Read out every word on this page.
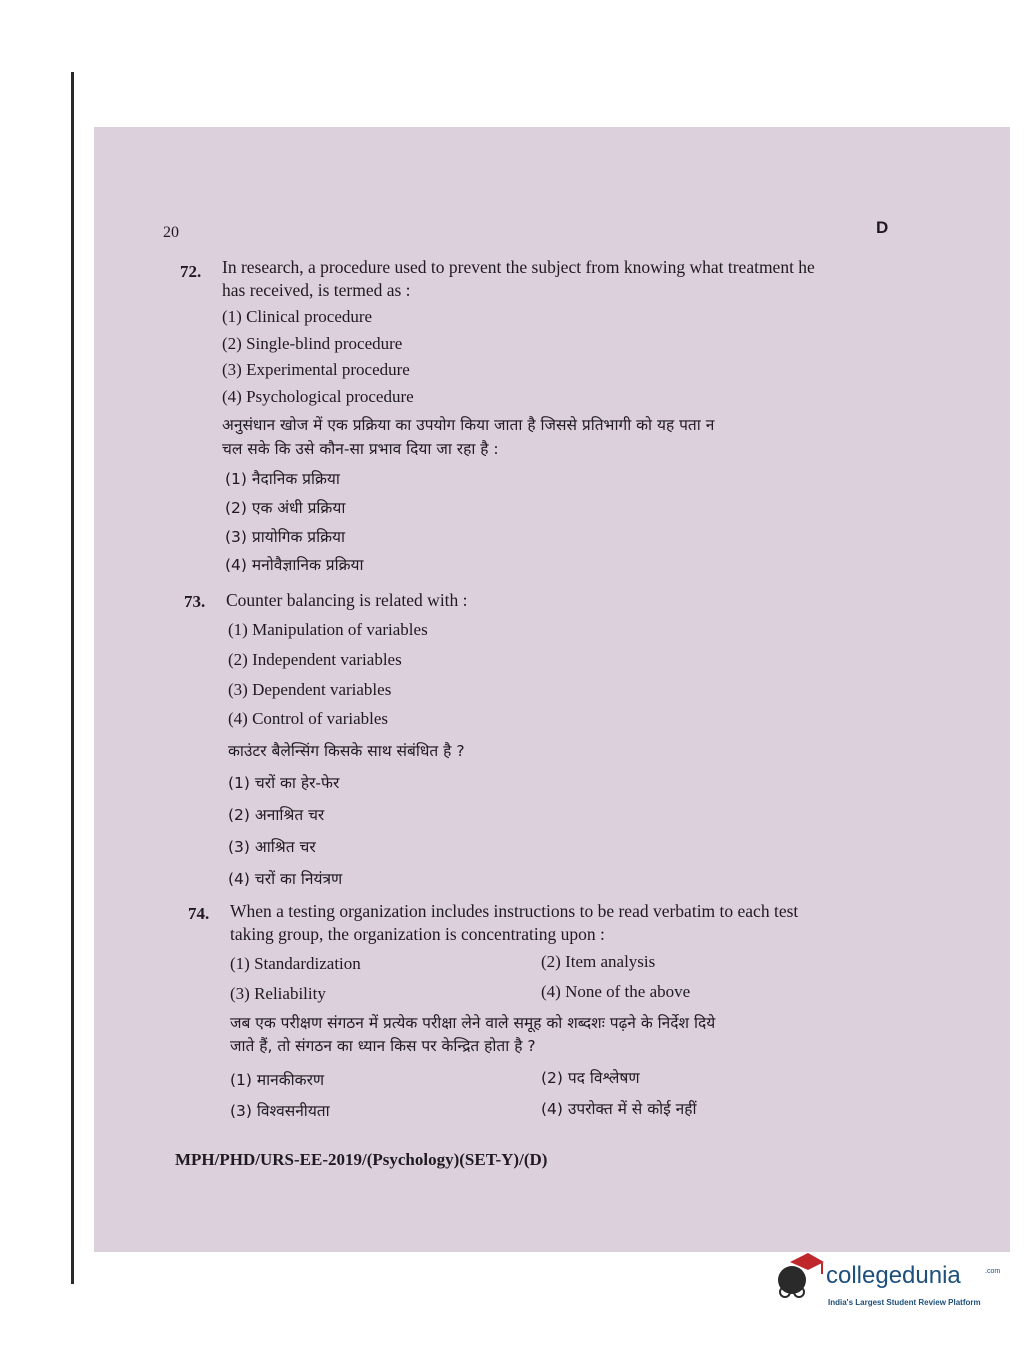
20	D
72. In research, a procedure used to prevent the subject from knowing what treatment he
has received, is termed as :
(1) Clinical procedure
(2) Single-blind procedure
(3) Experimental procedure
(4) Psychological procedure
अनुसंधान खोज में एक प्रक्रिया का उपयोग किया जाता है जिससे प्रतिभागी को यह पता न
चल सके कि उसे कौन-सा प्रभाव दिया जा रहा है :
(1) नैदानिक प्रक्रिया
(2) एक अंधी प्रक्रिया
(3) प्रायोगिक प्रक्रिया
(4) मनोवैज्ञानिक प्रक्रिया
73. Counter balancing is related with :
(1) Manipulation of variables
(2) Independent variables
(3) Dependent variables
(4) Control of variables
काउंटर बैलेन्सिंग किसके साथ संबंधित है ?
(1) चरों का हेर-फेर
(2) अनाश्रित चर
(3) आश्रित चर
(4) चरों का नियंत्रण
74. When a testing organization includes instructions to be read verbatim to each test
taking group, the organization is concentrating upon :
(1) Standardization	(2) Item analysis
(3) Reliability	(4) None of the above
जब एक परीक्षण संगठन में प्रत्येक परीक्षा लेने वाले समूह को शब्दशः पढ़ने के निर्देश दिये
जाते हैं, तो संगठन का ध्यान किस पर केन्द्रित होता है ?
(1) मानकीकरण	(2) पद विश्लेषण
(3) विश्वसनीयता	(4) उपरोक्त में से कोई नहीं
MPH/PHD/URS-EE-2019/(Psychology)(SET-Y)/(D)
collegedunia	.com
India's Largest Student Review Platform
